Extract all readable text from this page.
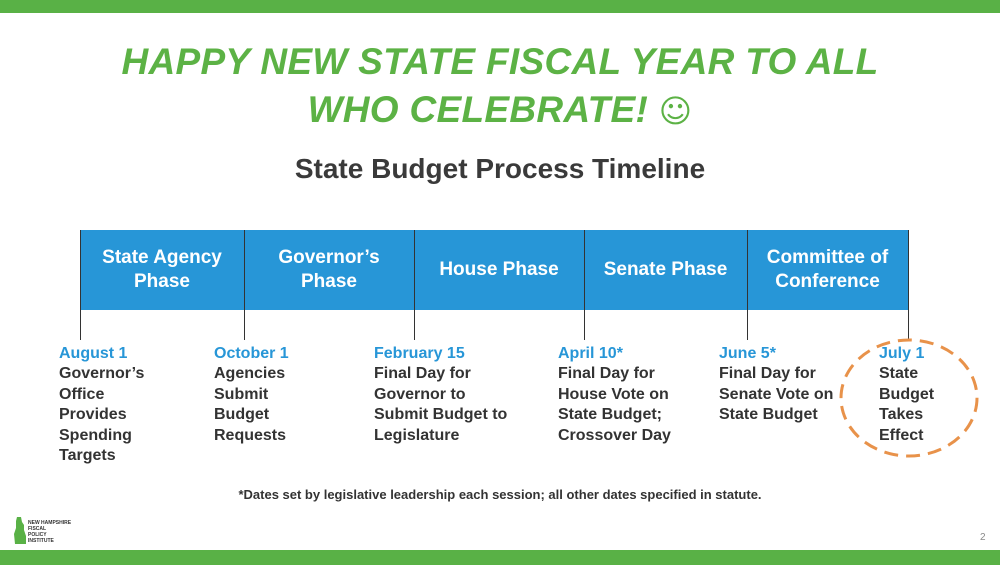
HAPPY NEW STATE FISCAL YEAR TO ALL
WHO CELEBRATE! ☺
State Budget Process Timeline
State Agency Phase
Governor’s Phase
House Phase	Senate Phase
Committee of Conference
August 1
Governor’s Office Provides Spending Targets
October 1
Agencies Submit Budget Requests
February 15
Final Day for Governor to Submit Budget to Legislature
April 10*
Final Day for House Vote on State Budget; Crossover Day
June 5*
Final Day for Senate Vote on State Budget
July 1
State Budget Takes Effect
*Dates set by legislative leadership each session; all other dates specified in statute.
NEW HAMPSHIRE
FISCAL
POLICY
INSTITUTE	2
